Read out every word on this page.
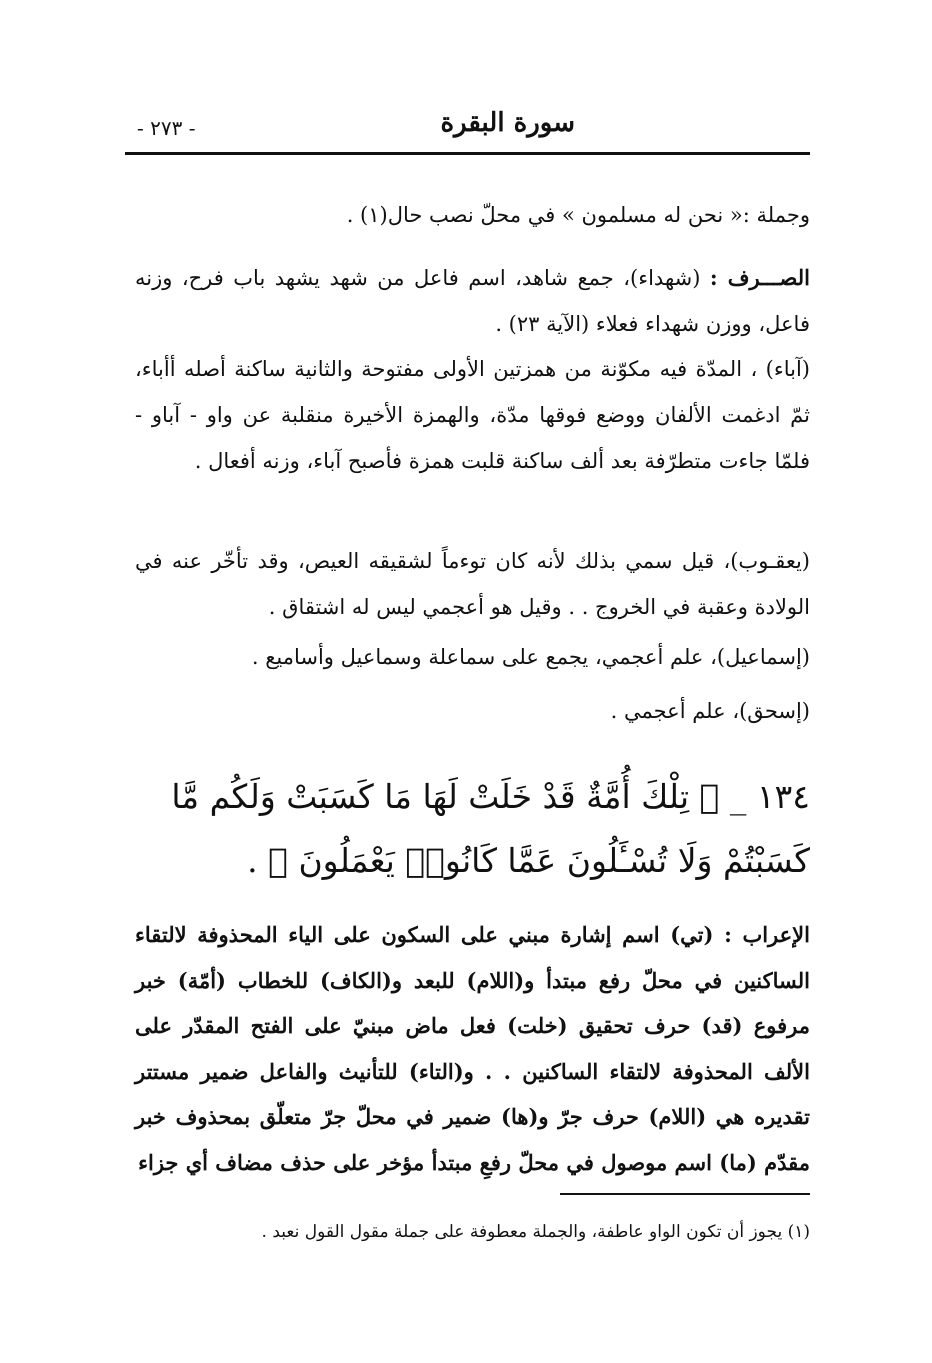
سورة البقرة
- ٢٧٣ -
وجملة :« نحن له مسلمون » في محلّ نصب حال(١) .
الصـــرف : (شهداء)، جمع شاهد، اسم فاعل من شهد يشهد باب فرح، وزنه فاعل، ووزن شهداء فعلاء (الآية ٢٣) .
(آباء) ، المدّة فيه مكوّنة من همزتين الأولى مفتوحة والثانية ساكنة أصله أأباء، ثمّ ادغمت الألفان ووضع فوقها مدّة، والهمزة الأخيرة منقلبة عن واو - آباو - فلمّا جاءت متطرّفة بعد ألف ساكنة قلبت همزة فأصبح آباء، وزنه أفعال .
(يعقـوب)، قيل سمي بذلك لأنه كان توءماً لشقيقه العيص، وقد تأخّر عنه في الولادة وعقبة في الخروج . . وقيل هو أعجمي ليس له اشتقاق .
(إسماعيل)، علم أعجمي، يجمع على سماعلة وسماعيل وأساميع .
(إسحق)، علم أعجمي .
١٣٤ _ ﴿ تِلْكَ أُمَّةٌ قَدْ خَلَتْ لَهَا مَا كَسَبَتْ وَلَكُم مَّا كَسَبْتُمْ وَلَا تُسْـَٔلُونَ عَمَّا كَانُوا۟ يَعْمَلُونَ ﴾ .
الإعراب : (تي) اسم إشارة مبني على السكون على الياء المحذوفة لالتقاء الساكنين في محلّ رفع مبتدأ و(اللام) للبعد و(الكاف) للخطاب (أمّة) خبر مرفوع (قد) حرف تحقيق (خلت) فعل ماض مبنيّ على الفتح المقدّر على الألف المحذوفة لالتقاء الساكنين . . و(التاء) للتأنيث والفاعل ضمير مستتر تقديره هي (اللام) حرف جرّ و(ها) ضمير في محلّ جرّ متعلّق بمحذوف خبر مقدّم (ما) اسم موصول في محلّ رفعِ مبتدأ مؤخر على حذف مضاف أي جزاء
(١) يجوز أن تكون الواو عاطفة، والجملة معطوفة على جملة مقول القول نعبد .
